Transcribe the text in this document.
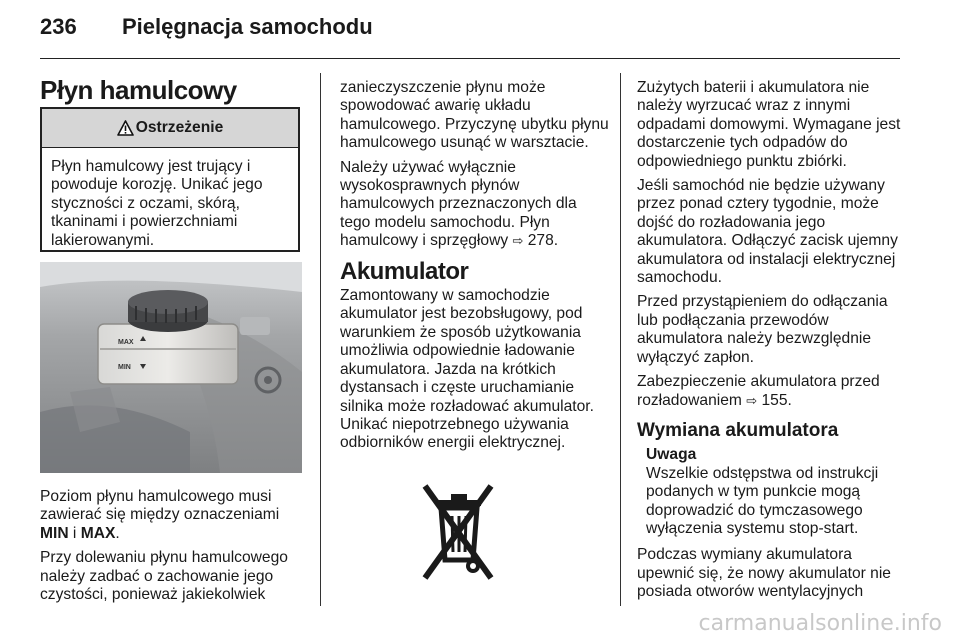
236 Pielęgnacja samochodu
Płyn hamulcowy
Ostrzeżenie
Płyn hamulcowy jest trujący i powoduje korozję. Unikać jego styczności z oczami, skórą, tkaninami i powierzchniami lakierowanymi.
MAX
MIN

Poziom płynu hamulcowego musi zawierać się między oznaczeniami MIN i MAX.

Przy dolewaniu płynu hamulcowego należy zadbać o zachowanie jego czystości, ponieważ jakiekolwiek

zanieczyszczenie płynu może spowodować awarię układu hamulcowego. Przyczynę ubytku płynu hamulcowego usunąć w warsztacie.

Należy używać wyłącznie wysokosprawnych płynów hamulcowych przeznaczonych dla tego modelu samochodu. Płyn hamulcowy i sprzęgłowy ⇨ 278.

Akumulator

Zamontowany w samochodzie akumulator jest bezobsługowy, pod warunkiem że sposób użytkowania umożliwia odpowiednie ładowanie akumulatora. Jazda na krótkich dystansach i częste uruchamianie silnika może rozładować akumulator. Unikać niepotrzebnego używania odbiorników energii elektrycznej.

Zużytych baterii i akumulatora nie należy wyrzucać wraz z innymi odpadami domowymi. Wymagane jest dostarczenie tych odpadów do odpowiedniego punktu zbiórki.

Jeśli samochód nie będzie używany przez ponad cztery tygodnie, może dojść do rozładowania jego akumulatora. Odłączyć zacisk ujemny akumulatora od instalacji elektrycznej samochodu.

Przed przystąpieniem do odłączania lub podłączania przewodów akumulatora należy bezwzględnie wyłączyć zapłon.

Zabezpieczenie akumulatora przed rozładowaniem ⇨ 155.

Wymiana akumulatora
Uwaga
Wszelkie odstępstwa od instrukcji podanych w tym punkcie mogą doprowadzić do tymczasowego wyłączenia systemu stop-start.

Podczas wymiany akumulatora upewnić się, że nowy akumulator nie posiada otworów wentylacyjnych

carmanualsonline.info
